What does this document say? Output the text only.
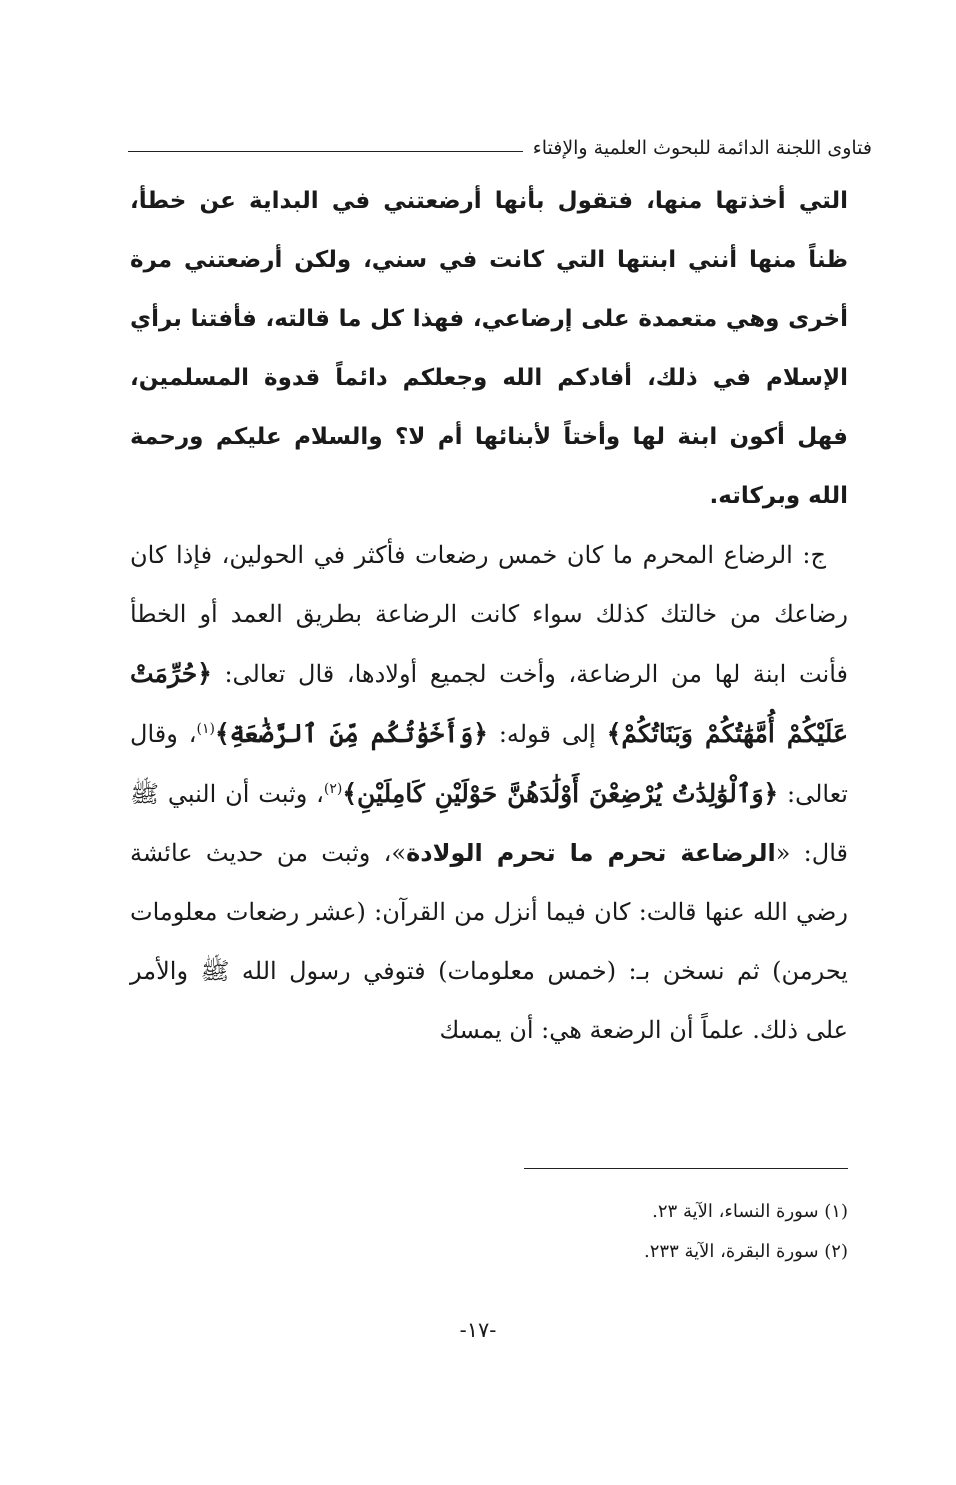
فتاوى اللجنة الدائمة للبحوث العلمية والإفتاء

التي أخذتها منها، فتقول بأنها أرضعتني في البداية عن خطأ، ظناً منها أنني ابنتها التي كانت في سني، ولكن أرضعتني مرة أخرى وهي متعمدة على إرضاعي، فهذا كل ما قالته، فأفتنا برأي الإسلام في ذلك، أفادكم الله وجعلكم دائماً قدوة المسلمين، فهل أكون ابنة لها وأختاً لأبنائها أم لا؟ والسلام عليكم ورحمة الله وبركاته.

ج: الرضاع المحرم ما كان خمس رضعات فأكثر في الحولين، فإذا كان رضاعك من خالتك كذلك سواء كانت الرضاعة بطريق العمد أو الخطأ فأنت ابنة لها من الرضاعة، وأخت لجميع أولادها، قال تعالى: ﴿حُرِّمَتْ عَلَيْكُمْ أُمَّهَٰتُكُمْ وَبَنَاتُكُمْ﴾ إلى قوله: ﴿وَأَخَوَٰتُكُم مِّنَ ٱلرَّضَٰعَةِ﴾$^{(١)}$، وقال تعالى: ﴿وَٱلْوَٰلِدَٰتُ يُرْضِعْنَ أَوْلَٰدَهُنَّ حَوْلَيْنِ كَامِلَيْنِ﴾$^{(٢)}$، وثبت أن النبي ﷺ قال: «الرضاعة تحرم ما تحرم الولادة»، وثبت من حديث عائشة رضي الله عنها قالت: كان فيما أنزل من القرآن: (عشر رضعات معلومات يحرمن) ثم نسخن بـ: (خمس معلومات) فتوفي رسول الله ﷺ والأمر على ذلك. علماً أن الرضعة هي: أن يمسك

(١) سورة النساء، الآية ٢٣.
(٢) سورة البقرة، الآية ٢٣٣.
-١٧-
